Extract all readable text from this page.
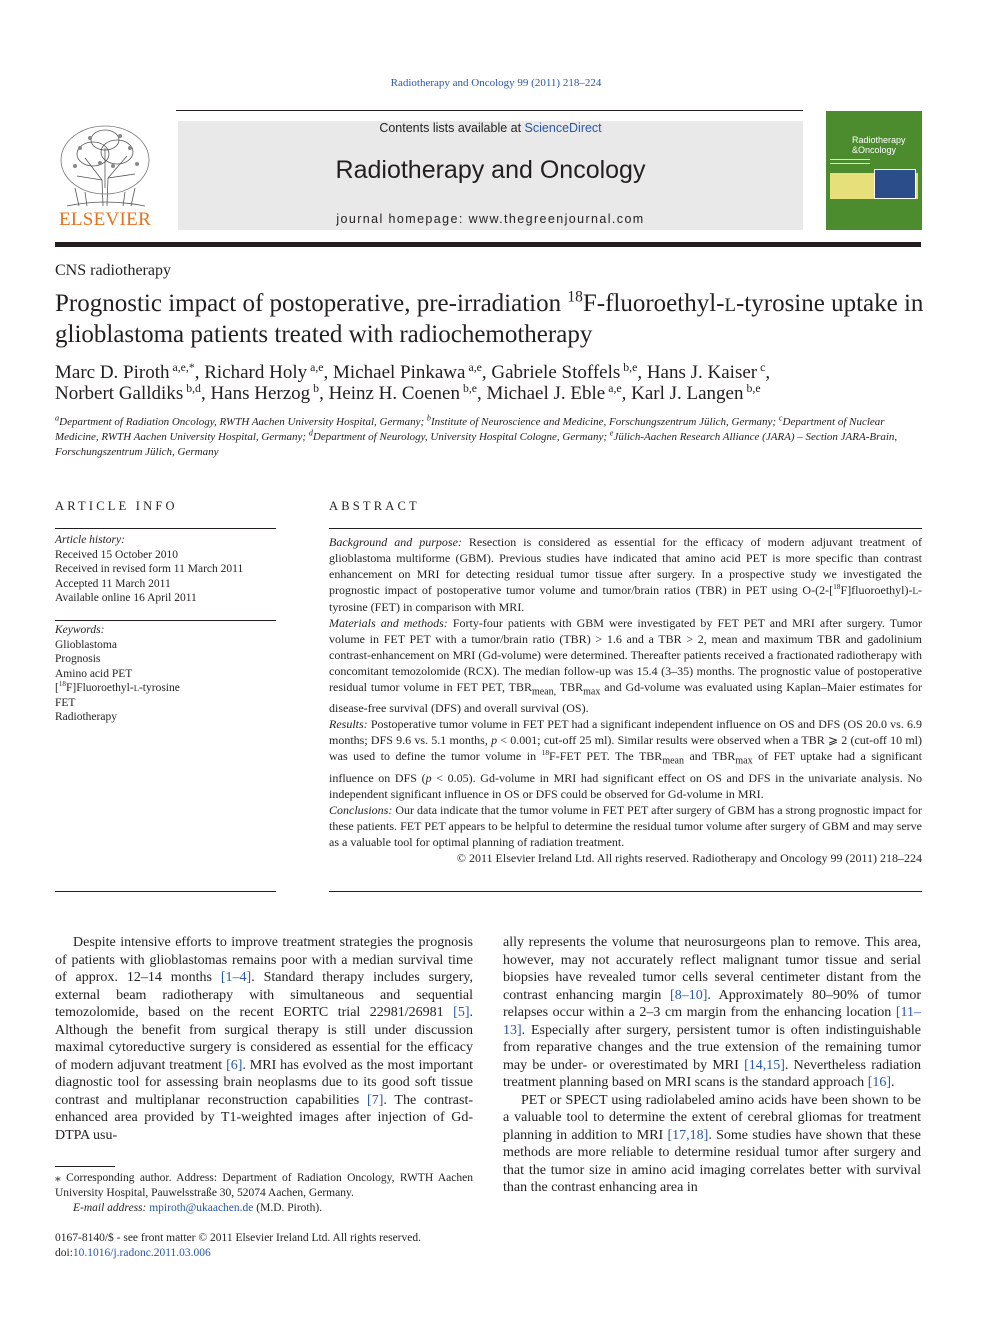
Radiotherapy and Oncology 99 (2011) 218–224
ELSEVIER
Contents lists available at ScienceDirect
Radiotherapy and Oncology
journal homepage: www.thegreenjournal.com
Radiotherapy
&Oncology
CNS radiotherapy
Prognostic impact of postoperative, pre-irradiation $^{18}$F-fluoroethyl-L-tyrosine uptake in glioblastoma patients treated with radiochemotherapy
Marc D. Piroth $^{a,e,*}$, Richard Holy $^{a,e}$, Michael Pinkawa $^{a,e}$, Gabriele Stoffels $^{b,e}$, Hans J. Kaiser $^c$,
Norbert Galldiks $^{b,d}$, Hans Herzog $^b$, Heinz H. Coenen $^{b,e}$, Michael J. Eble $^{a,e}$, Karl J. Langen $^{b,e}$
$^a$Department of Radiation Oncology, RWTH Aachen University Hospital, Germany; $^b$Institute of Neuroscience and Medicine, Forschungszentrum Jülich, Germany; $^c$Department of Nuclear Medicine, RWTH Aachen University Hospital, Germany; $^d$Department of Neurology, University Hospital Cologne, Germany; $^e$Jülich-Aachen Research Alliance (JARA) – Section JARA-Brain, Forschungszentrum Jülich, Germany
ARTICLE INFO
Article history:
Received 15 October 2010
Received in revised form 11 March 2011
Accepted 11 March 2011
Available online 16 April 2011
Keywords:
Glioblastoma
Prognosis
Amino acid PET
[$^{18}$F]Fluoroethyl-L-tyrosine
FET
Radiotherapy
ABSTRACT

Background and purpose: Resection is considered as essential for the efficacy of modern adjuvant treatment of glioblastoma multiforme (GBM). Previous studies have indicated that amino acid PET is more specific than contrast enhancement on MRI for detecting residual tumor tissue after surgery. In a prospective study we investigated the prognostic impact of postoperative tumor volume and tumor/brain ratios (TBR) in PET using O-(2-[$^{18}$F]fluoroethyl)-L-tyrosine (FET) in comparison with MRI.

Materials and methods: Forty-four patients with GBM were investigated by FET PET and MRI after surgery. Tumor volume in FET PET with a tumor/brain ratio (TBR) > 1.6 and a TBR > 2, mean and maximum TBR and gadolinium contrast-enhancement on MRI (Gd-volume) were determined. Thereafter patients received a fractionated radiotherapy with concomitant temozolomide (RCX). The median follow-up was 15.4 (3–35) months. The prognostic value of postoperative residual tumor volume in FET PET, $TBR_{mean,}$ $TBR_{max}$ and Gd-volume was evaluated using Kaplan–Maier estimates for disease-free survival (DFS) and overall survival (OS).

Results: Postoperative tumor volume in FET PET had a significant independent influence on OS and DFS (OS 20.0 vs. 6.9 months; DFS 9.6 vs. 5.1 months, p < 0.001; cut-off 25 ml). Similar results were observed when a TBR ⩾ 2 (cut-off 10 ml) was used to define the tumor volume in $^{18}$F-FET PET. The $TBR_{mean}$ and $TBR_{max}$ of FET uptake had a significant influence on DFS (p < 0.05). Gd-volume in MRI had significant effect on OS and DFS in the univariate analysis. No independent significant influence in OS or DFS could be observed for Gd-volume in MRI.

Conclusions: Our data indicate that the tumor volume in FET PET after surgery of GBM has a strong prognostic impact for these patients. FET PET appears to be helpful to determine the residual tumor volume after surgery of GBM and may serve as a valuable tool for optimal planning of radiation treatment.

© 2011 Elsevier Ireland Ltd. All rights reserved. Radiotherapy and Oncology 99 (2011) 218–224

Despite intensive efforts to improve treatment strategies the prognosis of patients with glioblastomas remains poor with a median survival time of approx. 12–14 months [1–4]. Standard therapy includes surgery, external beam radiotherapy with simultaneous and sequential temozolomide, based on the recent EORTC trial 22981/26981 [5]. Although the benefit from surgical therapy is still under discussion maximal cytoreductive surgery is considered as essential for the efficacy of modern adjuvant treatment [6]. MRI has evolved as the most important diagnostic tool for assessing brain neoplasms due to its good soft tissue contrast and multiplanar reconstruction capabilities [7]. The contrast-enhanced area provided by T1-weighted images after injection of Gd-DTPA usu-

⁎ Corresponding author. Address: Department of Radiation Oncology, RWTH Aachen University Hospital, Pauwelsstraße 30, 52074 Aachen, Germany.

E-mail address: mpiroth@ukaachen.de (M.D. Piroth).

0167-8140/$ - see front matter © 2011 Elsevier Ireland Ltd. All rights reserved.
doi:10.1016/j.radonc.2011.03.006

ally represents the volume that neurosurgeons plan to remove. This area, however, may not accurately reflect malignant tumor tissue and serial biopsies have revealed tumor cells several centimeter distant from the contrast enhancing margin [8–10]. Approximately 80–90% of tumor relapses occur within a 2–3 cm margin from the enhancing location [11–13]. Especially after surgery, persistent tumor is often indistinguishable from reparative changes and the true extension of the remaining tumor may be under- or overestimated by MRI [14,15]. Nevertheless radiation treatment planning based on MRI scans is the standard approach [16].

PET or SPECT using radiolabeled amino acids have been shown to be a valuable tool to determine the extent of cerebral gliomas for treatment planning in addition to MRI [17,18]. Some studies have shown that these methods are more reliable to determine residual tumor after surgery and that the tumor size in amino acid imaging correlates better with survival than the contrast enhancing area in
